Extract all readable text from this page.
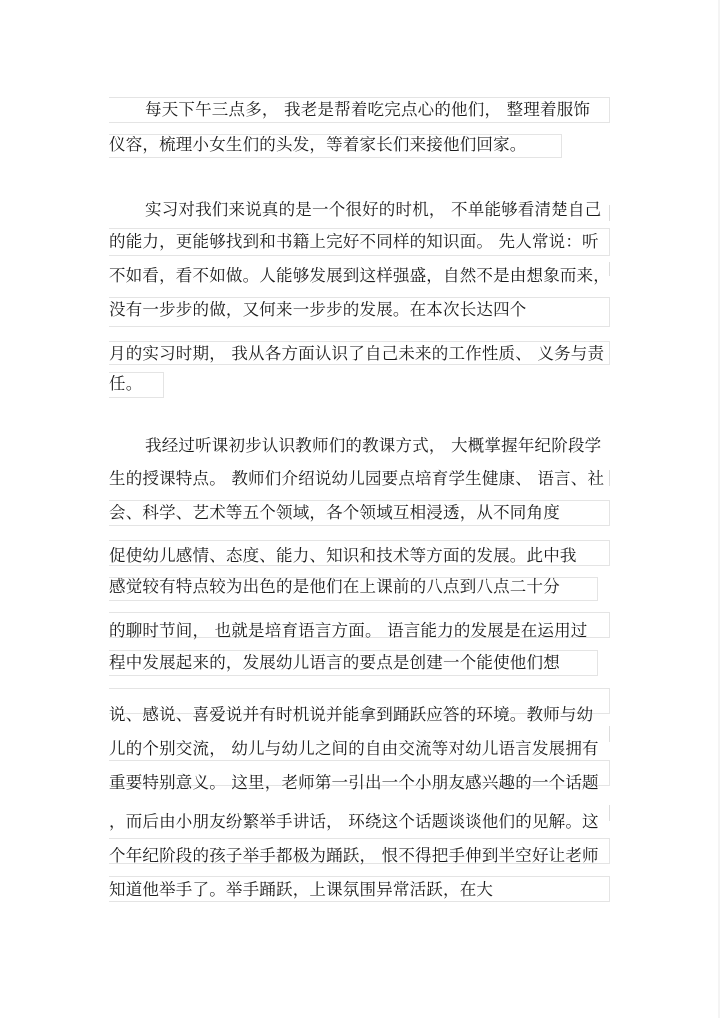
每天下午三点多， 我老是帮着吃完点心的他们， 整理着服饰
仪容，梳理小女生们的头发，等着家长们来接他们回家。
实习对我们来说真的是一个很好的时机， 不单能够看清楚自己
的能力，更能够找到和书籍上完好不同样的知识面。 先人常说：听
不如看，看不如做。人能够发展到这样强盛，自然不是由想象而来，
没有一步步的做，又何来一步步的发展。在本次长达四个
月的实习时期， 我从各方面认识了自己未来的工作性质、 义务与责
任。
我经过听课初步认识教师们的教课方式， 大概掌握年纪阶段学
生的授课特点。 教师们介绍说幼儿园要点培育学生健康、 语言、社
会、科学、艺术等五个领域，各个领域互相浸透，从不同角度
促使幼儿感情、态度、能力、知识和技术等方面的发展。此中我
感觉较有特点较为出色的是他们在上课前的八点到八点二十分
的聊时节间， 也就是培育语言方面。 语言能力的发展是在运用过
程中发展起来的，发展幼儿语言的要点是创建一个能使他们想
说、感说、喜爱说并有时机说并能拿到踊跃应答的环境。教师与幼
儿的个别交流， 幼儿与幼儿之间的自由交流等对幼儿语言发展拥有
重要特别意义。 这里，老师第一引出一个小朋友感兴趣的一个话题
，而后由小朋友纷繁举手讲话， 环绕这个话题谈谈他们的见解。这
个年纪阶段的孩子举手都极为踊跃， 恨不得把手伸到半空好让老师
知道他举手了。举手踊跃，上课氛围异常活跃，在大
